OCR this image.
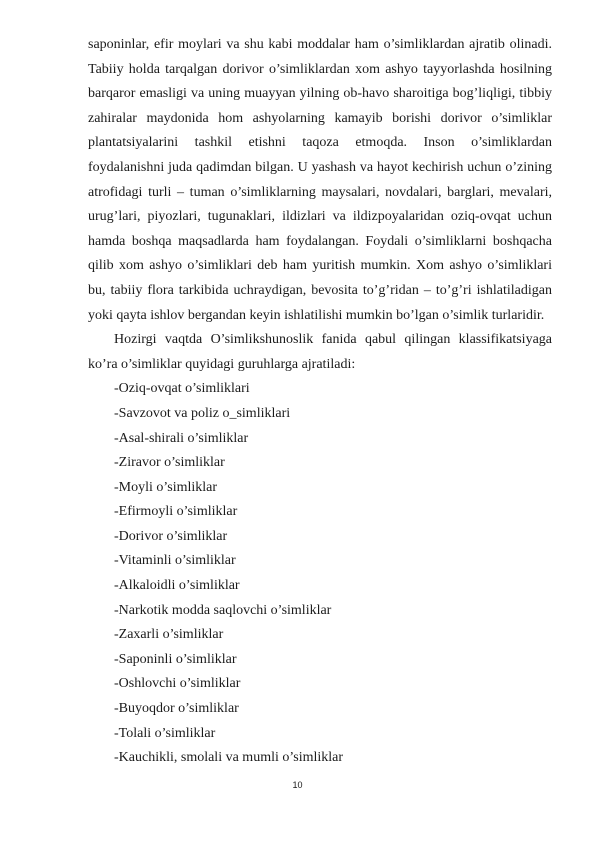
saponinlar, efir moylari va shu kabi moddalar ham o’simliklardan ajratib olinadi. Tabiiy holda tarqalgan dorivor o’simliklardan xom ashyo tayyorlashda hosilning barqaror emasligi va uning muayyan yilning ob-havo sharoitiga bog’liqligi, tibbiy zahiralar maydonida hom ashyolarning kamayib borishi dorivor o’simliklar plantatsiyalarini tashkil etishni taqoza etmoqda. Inson o’simliklardan foydalanishni juda qadimdan bilgan. U yashash va hayot kechirish uchun o’zining atrofidagi turli – tuman o’simliklarning maysalari, novdalari, barglari, mevalari, urug’lari, piyozlari, tugunaklari, ildizlari va ildizpoyalaridan oziq-ovqat uchun hamda boshqa maqsadlarda ham foydalangan. Foydali o’simliklarni boshqacha qilib xom ashyo o’simliklari deb ham yuritish mumkin. Xom ashyo o’simliklari bu, tabiiy flora tarkibida uchraydigan, bevosita to’g’ridan – to’g’ri ishlatiladigan yoki qayta ishlov bergandan keyin ishlatilishi mumkin bo’lgan o’simlik turlaridir.

Hozirgi vaqtda O’simlikshunoslik fanida qabul qilingan klassifikatsiyaga ko’ra o’simliklar quyidagi guruhlarga ajratiladi:

-Oziq-ovqat o’simliklari
-Savzovot va poliz o_simliklari
-Asal-shirali o’simliklar
-Ziravor o’simliklar
-Moyli o’simliklar
-Efirmoyli o’simliklar
-Dorivor o’simliklar
-Vitaminli o’simliklar
-Alkaloidli o’simliklar
-Narkotik modda saqlovchi o’simliklar
-Zaxarli o’simliklar
-Saponinli o’simliklar
-Oshlovchi o’simliklar
-Buyoqdor o’simliklar
-Tolali o’simliklar
-Kauchikli, smolali va mumli o’simliklar
10
